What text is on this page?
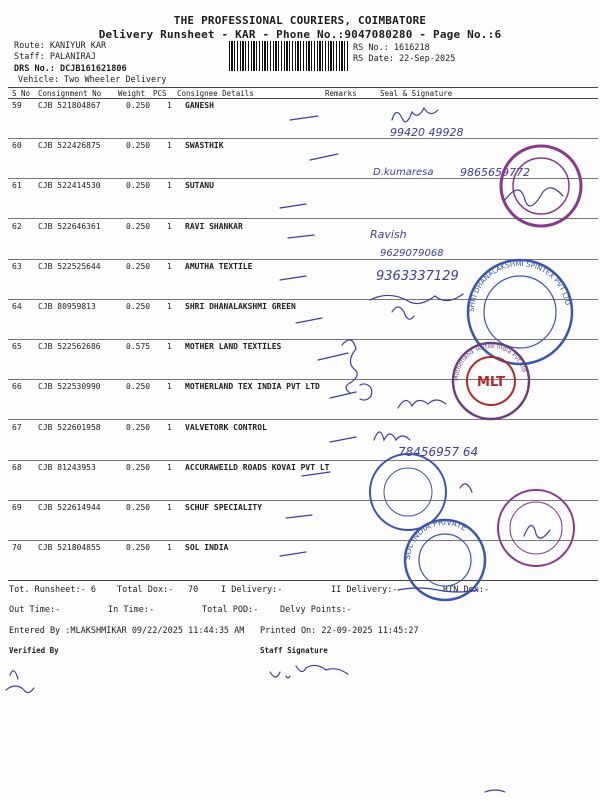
THE PROFESSIONAL COURIERS, COIMBATORE
Delivery Runsheet - KAR - Phone No.:9047080280 - Page No.:6
Route: KANIYUR KAR
Staff: PALANIRAJ
DRS No.: DCJB161621806
Vehicle: Two Wheeler Delivery
RS No.: 1616218
RS Date: 22-Sep-2025
S No Consignment No Weight PCS Consignee Details	Remarks	Seal & Signature
59 CJB 521804867	0.250 1 GANESH
60 CJB 522426875	0.250 1 SWASTHIK
61 CJB 522414530	0.250 1 SUTANU
62 CJB 522646361	0.250 1 RAVI SHANKAR
63 CJB 522525644	0.250 1 AMUTHA TEXTILE
64 CJB 80959813	0.250 1 SHRI DHANALAKSHMI GREEN
65 CJB 522562686	0.575 1 MOTHER LAND TEXTILES
66 CJB 522530990	0.250 1 MOTHERLAND TEX INDIA PVT LTD
67 CJB 522601958	0.250 1 VALVETORK CONTROL
68 CJB 81243953	0.250 1 ACCURAWEILD ROADS KOVAI PVT LT
69 CJB 522614944	0.250 1 SCHUF SPECIALITY
70 CJB 521804855	0.250 1 SOL INDIA
Tot. Runsheet:- 6 Total Dox:- 70	I Delivery:-	II Delivery:-	RTN Dox:-
Out Time:-	In Time:-	Total POD:-	Delvy Points:-
Entered By :MLAKSHMIKAR 09/22/2025 11:44:35 AM Printed On: 22-09-2025 11:45:27
Verified By	Staff Signature
99420 49928
D.kumaresa 9865659772
Ravish
9629079068
9363337129
SHRI DHANALAKSHMI SPINTEX PVT LTD
Motherland Textile India Pvt Ltd
MLT
78456957 64
SOL INDIA PRIVATE
